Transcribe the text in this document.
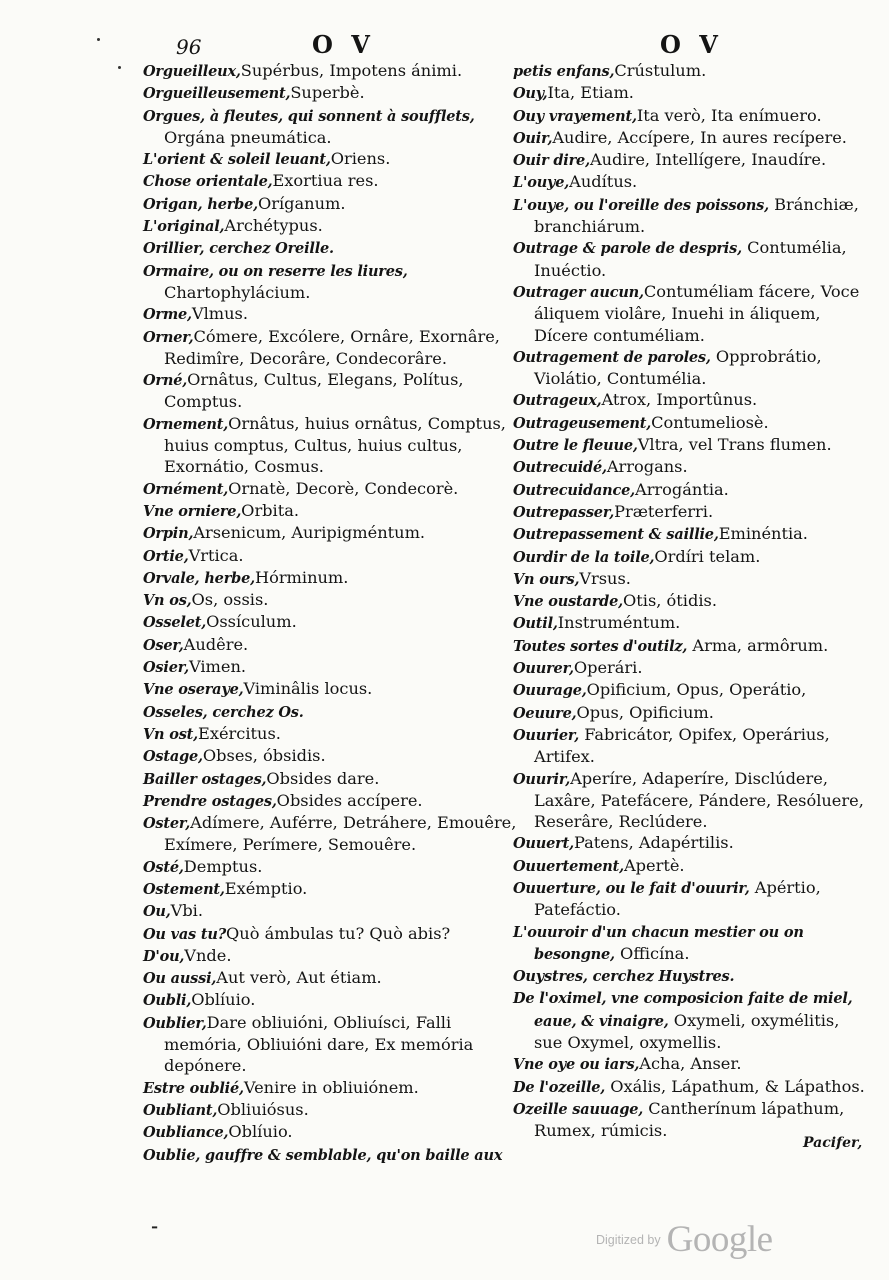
96	O V	O V
Orgueilleux,Supérbus, Impotens ánimi.
Orgueilleusement,Superbè.
Orgues, à fleutes, qui sonnent à soufflets, Orgána pneumática.
L'orient & soleil leuant,Oriens.
Chose orientale,Exortiua res.
Origan, herbe,Oríganum.
L'original,Archétypus.
Orillier, cerchez Oreille.
Ormaire, ou on reserre les liures, Chartophylácium.
Orme,Vlmus.
Orner,Cómere, Excólere, Ornâre, Exornâre, Redimîre, Decorâre, Condecorâre.
Orné,Ornâtus, Cultus, Elegans, Polítus, Comptus.
Ornement,Ornâtus, huius ornâtus, Comptus, huius comptus, Cultus, huius cultus, Exornátio, Cosmus.
Ornément,Ornatè, Decorè, Condecorè.
Vne orniere,Orbita.
Orpin,Arsenicum, Auripigméntum.
Ortie,Vrtica.
Orvale, herbe,Hórminum.
Vn os,Os, ossis.
Osselet,Ossículum.
Oser,Audêre.
Osier,Vimen.
Vne oseraye,Viminâlis locus.
Osseles, cerchez Os.
Vn ost,Exércitus.
Ostage,Obses, óbsidis.
Bailler ostages,Obsides dare.
Prendre ostages,Obsides accípere.
Oster,Adímere, Auférre, Detráhere, Emouêre, Exímere, Perímere, Semouêre.
Osté,Demptus.
Ostement,Exémptio.
Ou,Vbi.
Ou vas tu?Quò ámbulas tu? Quò abis?
D'ou,Vnde.
Ou aussi,Aut verò, Aut étiam.
Oubli,Oblíuio.
Oublier,Dare obliuióni, Obliuísci, Falli memória, Obliuióni dare, Ex memória depónere.
Estre oublié,Venire in obliuiónem.
Oubliant,Obliuiósus.
Oubliance,Oblíuio.
Oublie, gauffre & semblable, qu'on baille aux
petis enfans,Crústulum.
Ouy,Ita, Etiam.
Ouy vrayement,Ita verò, Ita enímuero.
Ouir,Audire, Accípere, In aures recípere.
Ouir dire,Audire, Intellígere, Inaudíre.
L'ouye,Audítus.
L'ouye, ou l'oreille des poissons, Bránchiæ, branchiárum.
Outrage & parole de despris, Contumélia, Inuéctio.
Outrager aucun,Contuméliam fácere, Voce áliquem violâre, Inuehi in áliquem, Dícere contuméliam.
Outragement de paroles, Opprobrátio, Violátio, Contumélia.
Outrageux,Atrox, Importûnus.
Outrageusement,Contumeliosè.
Outre le fleuue,Vltra, vel Trans flumen.
Outrecuidé,Arrogans.
Outrecuidance,Arrogántia.
Outrepasser,Præterferri.
Outrepassement & saillie,Eminéntia.
Ourdir de la toile,Ordíri telam.
Vn ours,Vrsus.
Vne oustarde,Otis, ótidis.
Outil,Instruméntum.
Toutes sortes d'outilz, Arma, armôrum.
Ouurer,Operári.
Ouurage,Opificium, Opus, Operátio,
Oeuure,Opus, Opificium.
Ouurier, Fabricátor, Opifex, Operárius, Artifex.
Ouurir,Aperíre, Adaperíre, Disclúdere, Laxâre, Patefácere, Pándere, Resóluere, Reserâre, Reclúdere.
Ouuert,Patens, Adapértilis.
Ouuertement,Apertè.
Ouuerture, ou le fait d'ouurir, Apértio, Patefáctio.
L'ouuroir d'un chacun mestier ou on besongne, Officína.
Ouystres, cerchez Huystres.
De l'oximel, vne composicion faite de miel, eaue, & vinaigre, Oxymeli, oxymélitis, sue Oxymel, oxymellis.
Vne oye ou iars,Acha, Anser.
De l'ozeille, Oxális, Lápathum, & Lápathos.
Ozeille sauuage, Cantherínum lápathum, Rumex, rúmicis.
Pacifer,
⁃
$^{Digitized by}$ Google
